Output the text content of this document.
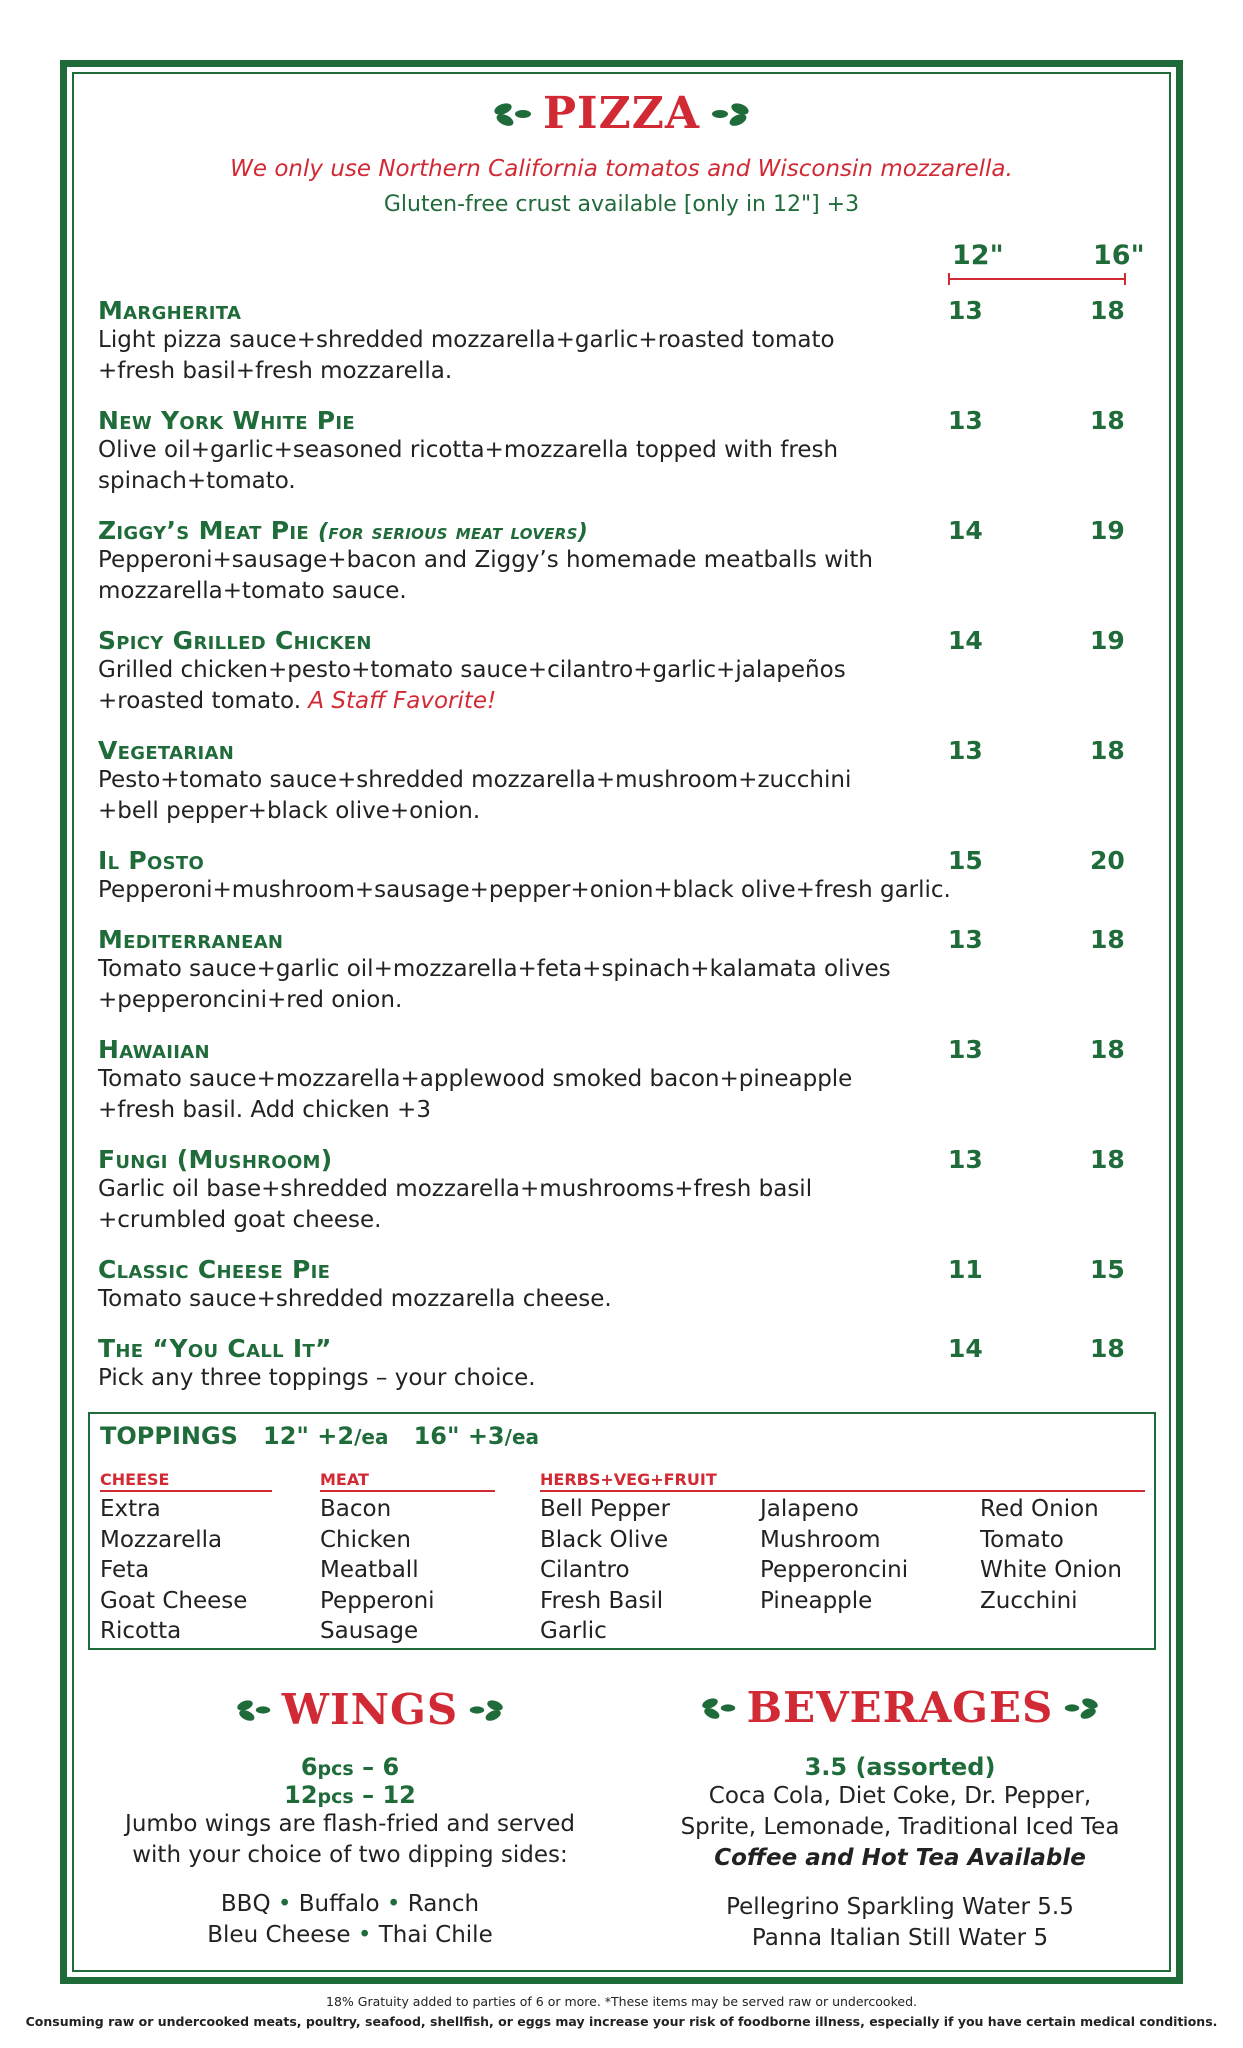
PIZZA
We only use Northern California tomatos and Wisconsin mozzarella.
Gluten-free crust available [only in 12"] +3
12"	16"
Margherita
Light pizza sauce+shredded mozzarella+garlic+roasted tomato
+fresh basil+fresh mozzarella.
13	18
New York White Pie
Olive oil+garlic+seasoned ricotta+mozzarella topped with fresh
spinach+tomato.
13	18
Ziggy’s Meat Pie (for serious meat lovers)
Pepperoni+sausage+bacon and Ziggy’s homemade meatballs with
mozzarella+tomato sauce.
14	19
Spicy Grilled Chicken
Grilled chicken+pesto+tomato sauce+cilantro+garlic+jalapeños
+roasted tomato. A Staff Favorite!
14	19
Vegetarian
Pesto+tomato sauce+shredded mozzarella+mushroom+zucchini
+bell pepper+black olive+onion.
13	18
Il Posto
Pepperoni+mushroom+sausage+pepper+onion+black olive+fresh garlic.
15	20
Mediterranean
Tomato sauce+garlic oil+mozzarella+feta+spinach+kalamata olives
+pepperoncini+red onion.
13	18
Hawaiian
Tomato sauce+mozzarella+applewood smoked bacon+pineapple
+fresh basil. Add chicken +3
13	18
Fungi (Mushroom)
Garlic oil base+shredded mozzarella+mushrooms+fresh basil
+crumbled goat cheese.
13	18
Classic Cheese Pie
Tomato sauce+shredded mozzarella cheese.
11	15
The “You Call It”
Pick any three toppings – your choice.
14	18
TOPPINGS 12" +2/ea 16" +3/ea
CHEESE
Extra Mozzarella
Feta
Goat Cheese
Ricotta
MEAT
Bacon
Chicken
Meatball
Pepperoni
Sausage
HERBS+VEG+FRUIT
Bell Pepper
Black Olive
Cilantro
Fresh Basil
Garlic
Jalapeno
Mushroom
Pepperoncini
Pineapple
Red Onion
Tomato
White Onion
Zucchini
WINGS
6pcs – 6
12pcs – 12
Jumbo wings are flash-fried and served
with your choice of two dipping sides:
BBQ • Buffalo • Ranch
Bleu Cheese • Thai Chile
BEVERAGES
3.5 (assorted)
Coca Cola, Diet Coke, Dr. Pepper,
Sprite, Lemonade, Traditional Iced Tea
Coffee and Hot Tea Available
Pellegrino Sparkling Water 5.5
Panna Italian Still Water 5
18% Gratuity added to parties of 6 or more. *These items may be served raw or undercooked.
Consuming raw or undercooked meats, poultry, seafood, shellfish, or eggs may increase your risk of foodborne illness, especially if you have certain medical conditions.
